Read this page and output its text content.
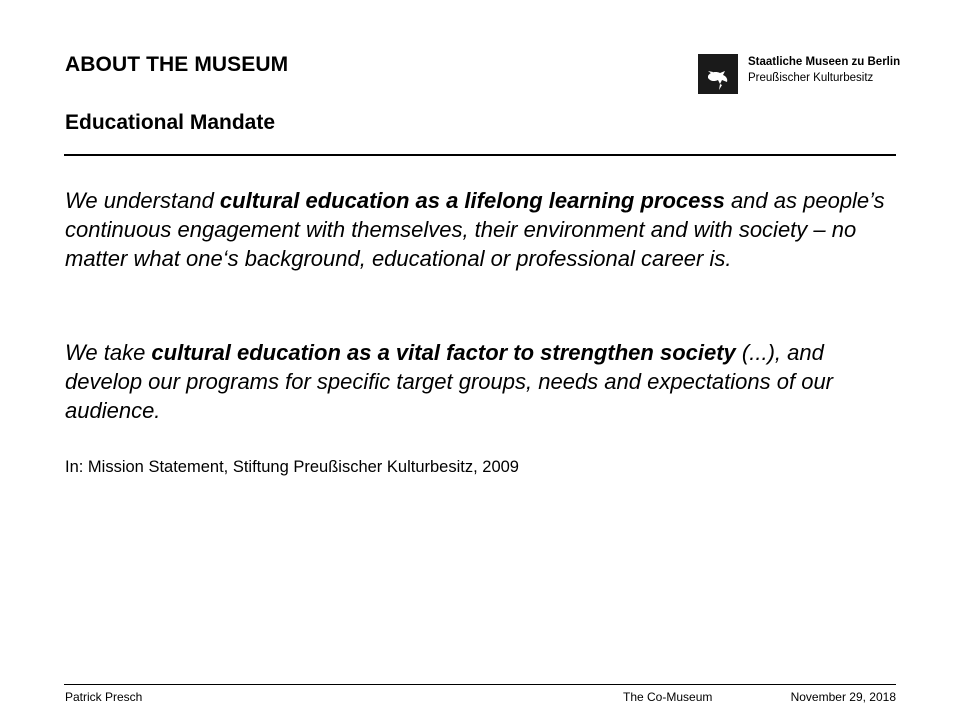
ABOUT THE MUSEUM
Educational Mandate
Staatliche Museen zu Berlin
Preußischer Kulturbesitz
We understand cultural education as a lifelong learning process and as people’s continuous engagement with themselves, their environment and with society – no matter what one‘s background, educational or professional career is.
We take cultural education as a vital factor to strengthen society (...), and develop our programs for specific target groups, needs and expectations of our audience.
In: Mission Statement, Stiftung Preußischer Kulturbesitz, 2009
Patrick Presch	The Co-Museum	November 29, 2018
